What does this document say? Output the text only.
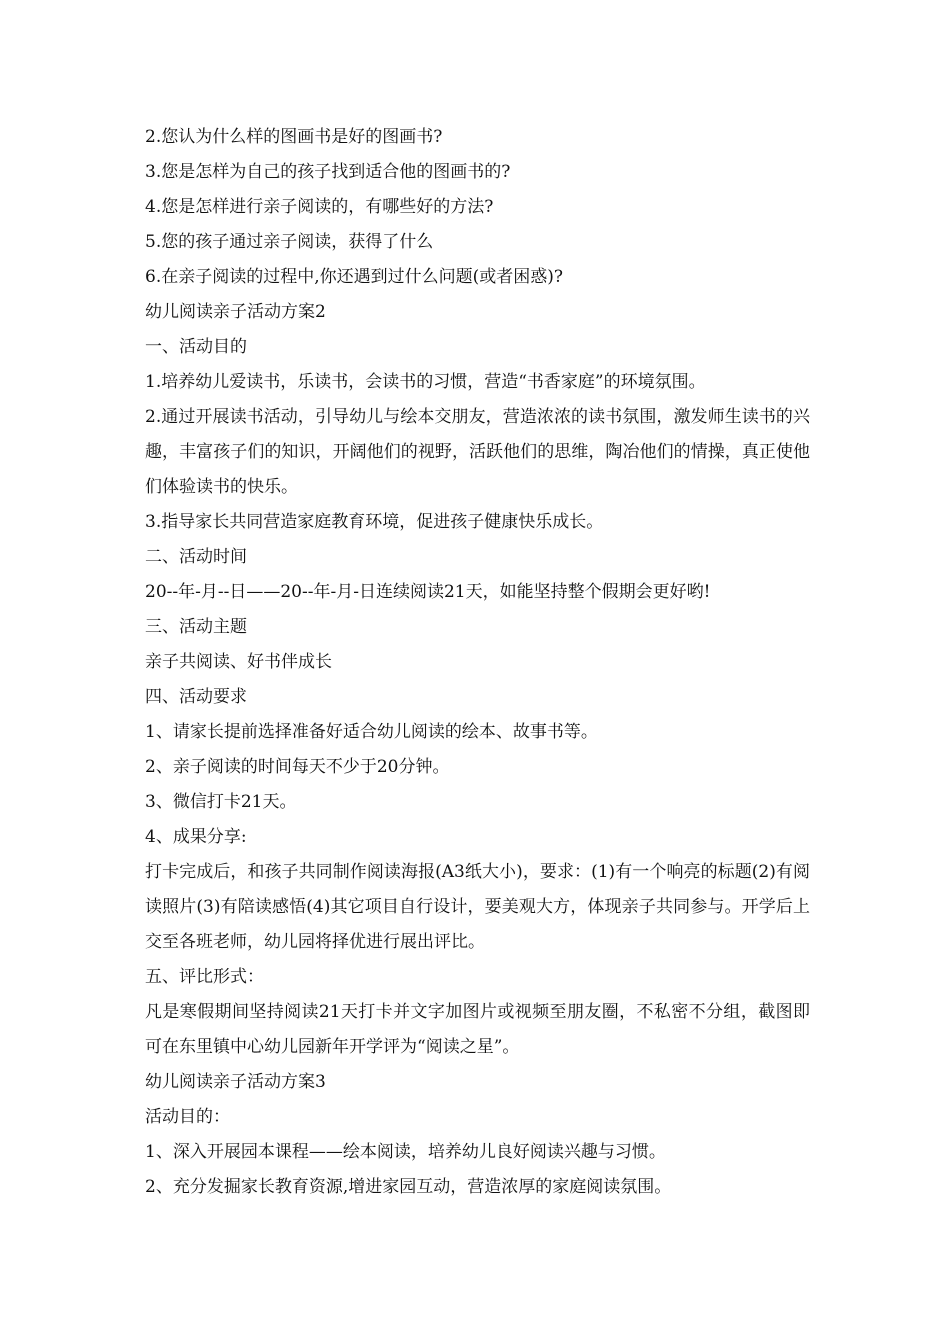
2.您认为什么样的图画书是好的图画书?

3.您是怎样为自己的孩子找到适合他的图画书的?

4.您是怎样进行亲子阅读的，有哪些好的方法?

5.您的孩子通过亲子阅读，获得了什么

6.在亲子阅读的过程中,你还遇到过什么问题(或者困惑)?

幼儿阅读亲子活动方案2

一、活动目的

1.培养幼儿爱读书，乐读书，会读书的习惯，营造“书香家庭”的环境氛围。

2.通过开展读书活动，引导幼儿与绘本交朋友，营造浓浓的读书氛围，激发师生读书的兴趣，丰富孩子们的知识，开阔他们的视野，活跃他们的思维，陶冶他们的情操，真正使他们体验读书的快乐。

3.指导家长共同营造家庭教育环境，促进孩子健康快乐成长。

二、活动时间

20--年-月--日——20--年-月-日连续阅读21天，如能坚持整个假期会更好哟!

三、活动主题

亲子共阅读、好书伴成长

四、活动要求

1、请家长提前选择准备好适合幼儿阅读的绘本、故事书等。

2、亲子阅读的时间每天不少于20分钟。

3、微信打卡21天。

4、成果分享:

打卡完成后，和孩子共同制作阅读海报(A3纸大小)，要求：(1)有一个响亮的标题(2)有阅读照片(3)有陪读感悟(4)其它项目自行设计，要美观大方，体现亲子共同参与。开学后上交至各班老师，幼儿园将择优进行展出评比。

五、评比形式：

凡是寒假期间坚持阅读21天打卡并文字加图片或视频至朋友圈，不私密不分组，截图即可在东里镇中心幼儿园新年开学评为“阅读之星”。

幼儿阅读亲子活动方案3

活动目的：

1、深入开展园本课程——绘本阅读，培养幼儿良好阅读兴趣与习惯。

2、充分发掘家长教育资源,增进家园互动，营造浓厚的家庭阅读氛围。
